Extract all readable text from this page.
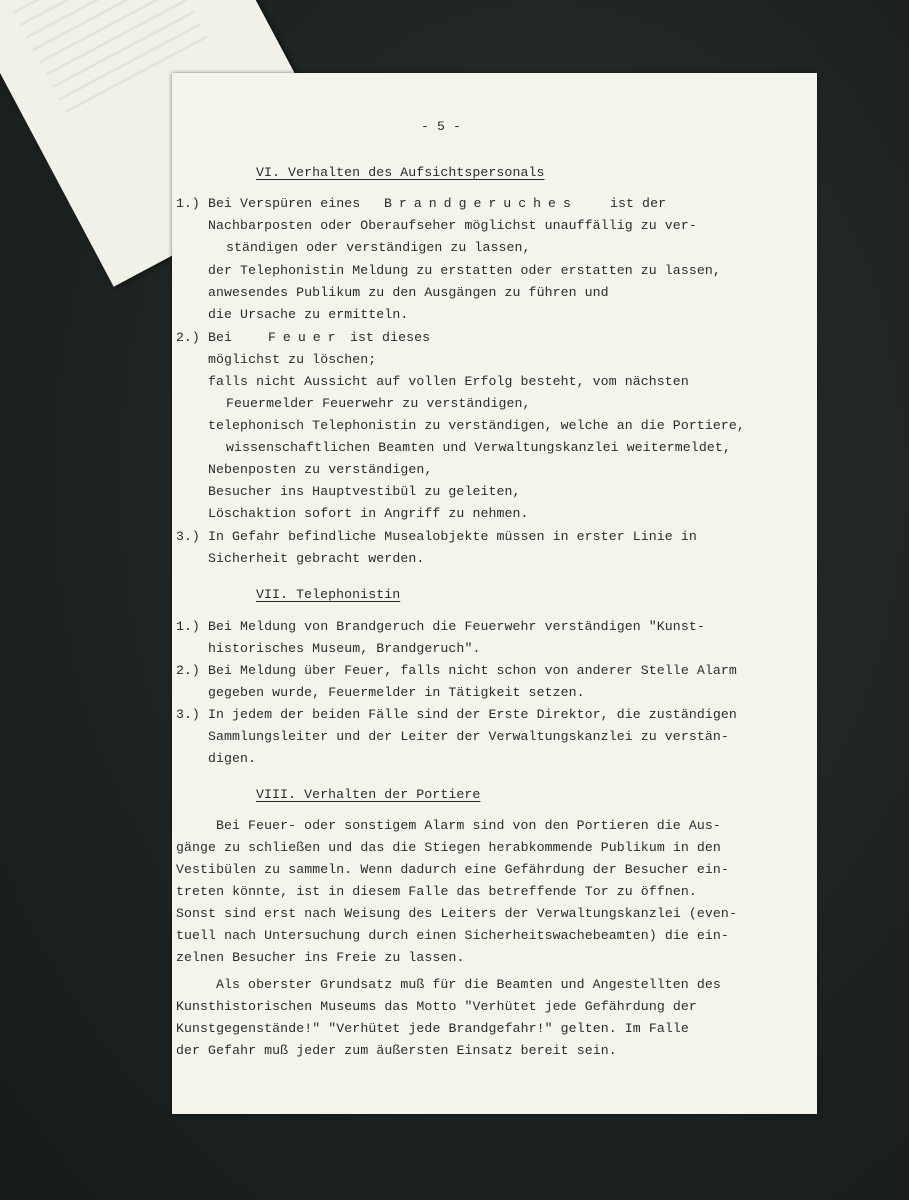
- 5 -
VI. Verhalten des Aufsichtspersonals
1.) Bei Verspüren eines Brandgeruches ist der
Nachbarposten oder Oberaufseher möglichst unauffällig zu ver-
ständigen oder verständigen zu lassen,
der Telephonistin Meldung zu erstatten oder erstatten zu lassen,
anwesendes Publikum zu den Ausgängen zu führen und
die Ursache zu ermitteln.
2.) Bei	Feuer ist dieses
möglichst zu löschen;
falls nicht Aussicht auf vollen Erfolg besteht, vom nächsten
Feuermelder Feuerwehr zu verständigen,
telephonisch Telephonistin zu verständigen, welche an die Portiere,
wissenschaftlichen Beamten und Verwaltungskanzlei weitermeldet,
Nebenposten zu verständigen,
Besucher ins Hauptvestibül zu geleiten,
Löschaktion sofort in Angriff zu nehmen.
3.) In Gefahr befindliche Musealobjekte müssen in erster Linie in
Sicherheit gebracht werden.
VII. Telephonistin
1.) Bei Meldung von Brandgeruch die Feuerwehr verständigen "Kunst-
historisches Museum, Brandgeruch".
2.) Bei Meldung über Feuer, falls nicht schon von anderer Stelle Alarm
gegeben wurde, Feuermelder in Tätigkeit setzen.
3.) In jedem der beiden Fälle sind der Erste Direktor, die zuständigen
Sammlungsleiter und der Leiter der Verwaltungskanzlei zu verstän-
digen.
VIII. Verhalten der Portiere
Bei Feuer- oder sonstigem Alarm sind von den Portieren die Aus-
gänge zu schließen und das die Stiegen herabkommende Publikum in den
Vestibülen zu sammeln. Wenn dadurch eine Gefährdung der Besucher ein-
treten könnte, ist in diesem Falle das betreffende Tor zu öffnen.
Sonst sind erst nach Weisung des Leiters der Verwaltungskanzlei (even-
tuell nach Untersuchung durch einen Sicherheitswachebeamten) die ein-
zelnen Besucher ins Freie zu lassen.
Als oberster Grundsatz muß für die Beamten und Angestellten des
Kunsthistorischen Museums das Motto "Verhütet jede Gefährdung der
Kunstgegenstände!" "Verhütet jede Brandgefahr!" gelten. Im Falle
der Gefahr muß jeder zum äußersten Einsatz bereit sein.
